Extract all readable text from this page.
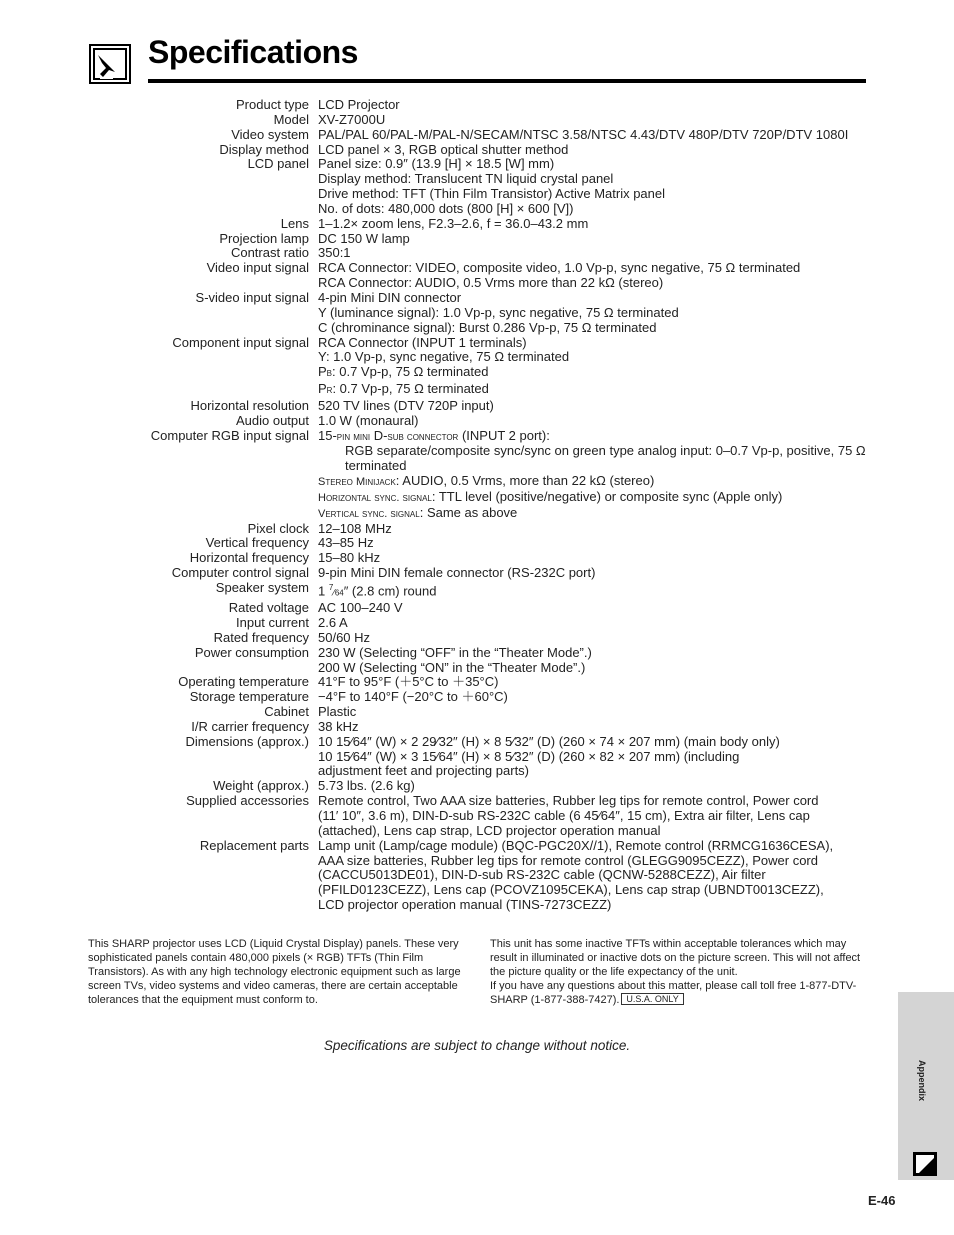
Specifications
Product type LCD Projector
Model XV-Z7000U
Video system PAL/PAL 60/PAL-M/PAL-N/SECAM/NTSC 3.58/NTSC 4.43/DTV 480P/DTV 720P/DTV 1080I
Display method LCD panel × 3, RGB optical shutter method
LCD panel Panel size: 0.9″ (13.9 [H] × 18.5 [W] mm)
Display method: Translucent TN liquid crystal panel
Drive method: TFT (Thin Film Transistor) Active Matrix panel
No. of dots: 480,000 dots (800 [H] × 600 [V])
Lens 1–1.2× zoom lens, F2.3–2.6, f = 36.0–43.2 mm
Projection lamp DC 150 W lamp
Contrast ratio 350:1
Video input signal RCA Connector: VIDEO, composite video, 1.0 Vp-p, sync negative, 75 Ω terminated
RCA Connector: AUDIO, 0.5 Vrms more than 22 kΩ (stereo)
S-video input signal 4-pin Mini DIN connector
Y (luminance signal): 1.0 Vp-p, sync negative, 75 Ω terminated
C (chrominance signal): Burst 0.286 Vp-p, 75 Ω terminated
Component input signal RCA Connector (INPUT 1 terminals)
Y: 1.0 Vp-p, sync negative, 75 Ω terminated
PB: 0.7 Vp-p, 75 Ω terminated
PR: 0.7 Vp-p, 75 Ω terminated
Horizontal resolution 520 TV lines (DTV 720P input)
Audio output 1.0 W (monaural)
Computer RGB input signal 15-pin mini D-sub connector (INPUT 2 port):
RGB separate/composite sync/sync on green type analog input: 0–0.7 Vp-p, positive, 75 Ω terminated
Stereo Minijack: AUDIO, 0.5 Vrms, more than 22 kΩ (stereo)
Horizontal sync. signal: TTL level (positive/negative) or composite sync (Apple only)
Vertical sync. signal: Same as above
Pixel clock 12–108 MHz
Vertical frequency 43–85 Hz
Horizontal frequency 15–80 kHz
Computer control signal 9-pin Mini DIN female connector (RS-232C port)
Speaker system 1 $^7$⁄64″ (2.8 cm) round
Rated voltage AC 100–240 V
Input current 2.6 A
Rated frequency 50/60 Hz
Power consumption 230 W (Selecting “OFF” in the “Theater Mode”.)
200 W (Selecting “ON” in the “Theater Mode”.)
Operating temperature 41°F to 95°F (＋5°C to ＋35°C)
Storage temperature −4°F to 140°F (−20°C to ＋60°C)
Cabinet Plastic
I/R carrier frequency 38 kHz
Dimensions (approx.) 10 15⁄64″ (W) × 2 29⁄32″ (H) × 8 5⁄32″ (D) (260 × 74 × 207 mm) (main body only)
10 15⁄64″ (W) × 3 15⁄64″ (H) × 8 5⁄32″ (D) (260 × 82 × 207 mm) (including
adjustment feet and projecting parts)
Weight (approx.) 5.73 lbs. (2.6 kg)
Supplied accessories Remote control, Two AAA size batteries, Rubber leg tips for remote control, Power cord
(11′ 10″, 3.6 m), DIN-D-sub RS-232C cable (6 45⁄64″, 15 cm), Extra air filter, Lens cap
(attached), Lens cap strap, LCD projector operation manual
Replacement parts Lamp unit (Lamp/cage module) (BQC-PGC20X//1), Remote control (RRMCG1636CESA),
AAA size batteries, Rubber leg tips for remote control (GLEGG9095CEZZ), Power cord
(CACCU5013DE01), DIN-D-sub RS-232C cable (QCNW-5288CEZZ), Air filter
(PFILD0123CEZZ), Lens cap (PCOVZ1095CEKA), Lens cap strap (UBNDT0013CEZZ),
LCD projector operation manual (TINS-7273CEZZ)
This SHARP projector uses LCD (Liquid Crystal Display) panels. These very sophisticated panels contain 480,000 pixels (× RGB) TFTs (Thin Film Transistors). As with any high technology electronic equipment such as large screen TVs, video systems and video cameras, there are certain acceptable tolerances that the equipment must conform to.
This unit has some inactive TFTs within acceptable tolerances which may result in illuminated or inactive dots on the picture screen. This will not affect the picture quality or the life expectancy of the unit.
If you have any questions about this matter, please call toll free 1-877-DTV-SHARP (1-877-388-7427). U.S.A. ONLY
Specifications are subject to change without notice.
Appendix
E-46
